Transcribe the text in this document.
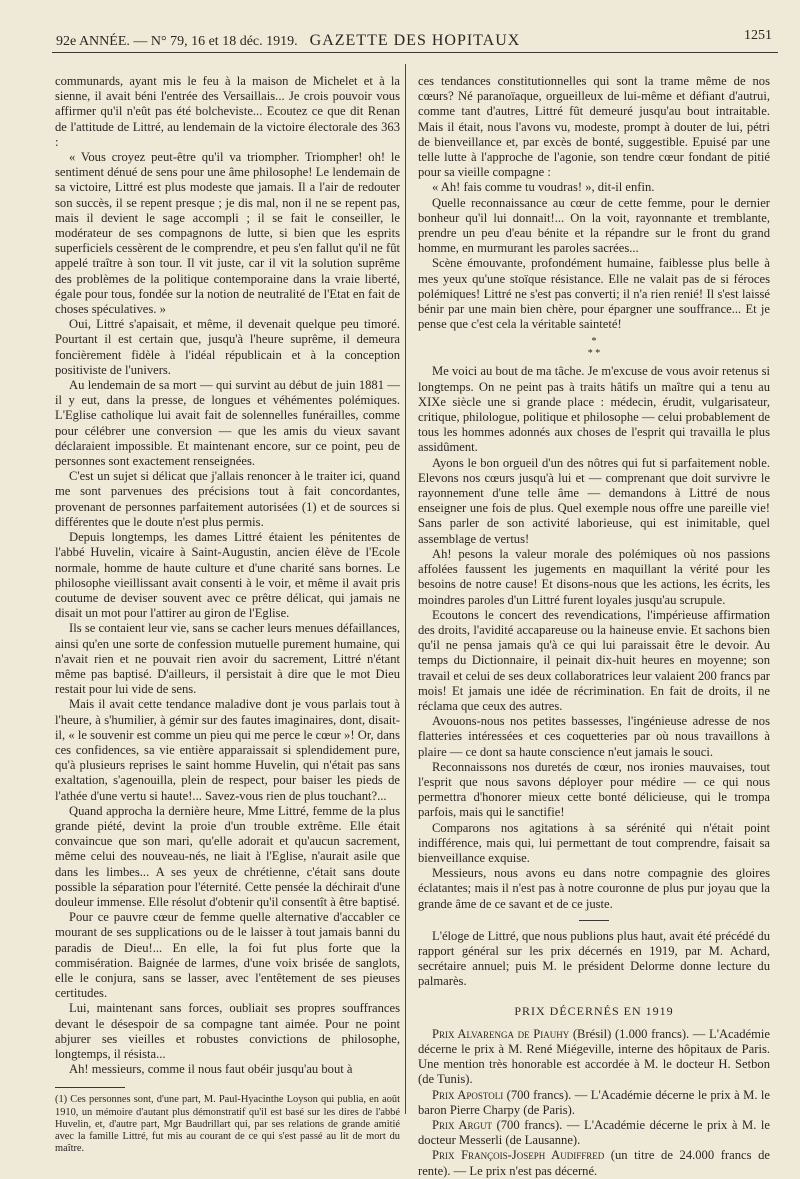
92e ANNÉE. — N° 79, 16 et 18 déc. 1919. GAZETTE DES HOPITAUX	1251

communards, ayant mis le feu à la maison de Michelet et à la sienne, il avait béni l'entrée des Versaillais... Je crois pouvoir vous affirmer qu'il n'eût pas été bolcheviste... Ecoutez ce que dit Renan de l'attitude de Littré, au lendemain de la victoire électorale des 363 :

« Vous croyez peut-être qu'il va triompher. Triompher! oh! le sentiment dénué de sens pour une âme philosophe! Le lendemain de sa victoire, Littré est plus modeste que jamais. Il a l'air de redouter son succès, il se repent presque ; je dis mal, non il ne se repent pas, mais il devient le sage accompli ; il se fait le conseiller, le modérateur de ses compagnons de lutte, si bien que les esprits superficiels cessèrent de le comprendre, et peu s'en fallut qu'il ne fût appelé traître à son tour. Il vit juste, car il vit la solution suprême des problèmes de la politique contemporaine dans la vraie liberté, égale pour tous, fondée sur la notion de neutralité de l'Etat en fait de choses spéculatives. »

Oui, Littré s'apaisait, et même, il devenait quelque peu timoré. Pourtant il est certain que, jusqu'à l'heure suprême, il demeura foncièrement fidèle à l'idéal républicain et à la conception positiviste de l'univers.

Au lendemain de sa mort — qui survint au début de juin 1881 — il y eut, dans la presse, de longues et véhémentes polémiques. L'Eglise catholique lui avait fait de solennelles funérailles, comme pour célébrer une conversion — que les amis du vieux savant déclaraient impossible. Et maintenant encore, sur ce point, peu de personnes sont exactement renseignées.

C'est un sujet si délicat que j'allais renoncer à le traiter ici, quand me sont parvenues des précisions tout à fait concordantes, provenant de personnes parfaitement autorisées (1) et de sources si différentes que le doute n'est plus permis.

Depuis longtemps, les dames Littré étaient les pénitentes de l'abbé Huvelin, vicaire à Saint-Augustin, ancien élève de l'Ecole normale, homme de haute culture et d'une charité sans bornes. Le philosophe vieillissant avait consenti à le voir, et même il avait pris coutume de deviser souvent avec ce prêtre délicat, qui jamais ne disait un mot pour l'attirer au giron de l'Eglise.

Ils se contaient leur vie, sans se cacher leurs menues défaillances, ainsi qu'en une sorte de confession mutuelle purement humaine, qui n'avait rien et ne pouvait rien avoir du sacrement, Littré n'étant même pas baptisé. D'ailleurs, il persistait à dire que le mot Dieu restait pour lui vide de sens.

Mais il avait cette tendance maladive dont je vous parlais tout à l'heure, à s'humilier, à gémir sur des fautes imaginaires, dont, disait-il, « le souvenir est comme un pieu qui me perce le cœur »! Or, dans ces confidences, sa vie entière apparaissait si splendidement pure, qu'à plusieurs reprises le saint homme Huvelin, qui n'était pas sans exaltation, s'agenouilla, plein de respect, pour baiser les pieds de l'athée d'une vertu si haute!... Savez-vous rien de plus touchant?...

Quand approcha la dernière heure, Mme Littré, femme de la plus grande piété, devint la proie d'un trouble extrême. Elle était convaincue que son mari, qu'elle adorait et qu'aucun sacrement, même celui des nouveau-nés, ne liait à l'Eglise, n'aurait asile que dans les limbes... A ses yeux de chrétienne, c'était sans doute possible la séparation pour l'éternité. Cette pensée la déchirait d'une douleur immense. Elle résolut d'obtenir qu'il consentît à être baptisé.

Pour ce pauvre cœur de femme quelle alternative d'accabler ce mourant de ses supplications ou de le laisser à tout jamais banni du paradis de Dieu!... En elle, la foi fut plus forte que la commisération. Baignée de larmes, d'une voix brisée de sanglots, elle le conjura, sans se lasser, avec l'entêtement de ses pieuses certitudes.

Lui, maintenant sans forces, oubliait ses propres souffrances devant le désespoir de sa compagne tant aimée. Pour ne point abjurer ses vieilles et robustes convictions de philosophe, longtemps, il résista...

Ah! messieurs, comme il nous faut obéir jusqu'au bout à

(1) Ces personnes sont, d'une part, M. Paul-Hyacinthe Loyson qui publia, en août 1910, un mémoire d'autant plus démonstratif qu'il est basé sur les dires de l'abbé Huvelin, et, d'autre part, Mgr Baudrillart qui, par ses relations de grande amitié avec la famille Littré, fut mis au courant de ce qui s'est passé au lit de mort du maître.

ces tendances constitutionnelles qui sont la trame même de nos cœurs? Né paranoïaque, orgueilleux de lui-même et défiant d'autrui, comme tant d'autres, Littré fût demeuré jusqu'au bout intraitable. Mais il était, nous l'avons vu, modeste, prompt à douter de lui, pétri de bienveillance et, par excès de bonté, suggestible. Epuisé par une telle lutte à l'approche de l'agonie, son tendre cœur fondant de pitié pour sa vieille compagne :

« Ah! fais comme tu voudras! », dit-il enfin.

Quelle reconnaissance au cœur de cette femme, pour le dernier bonheur qu'il lui donnait!... On la voit, rayonnante et tremblante, prendre un peu d'eau bénite et la répandre sur le front du grand homme, en murmurant les paroles sacrées...

Scène émouvante, profondément humaine, faiblesse plus belle à mes yeux qu'une stoïque résistance. Elle ne valait pas de si féroces polémiques! Littré ne s'est pas converti; il n'a rien renié! Il s'est laissé bénir par une main bien chère, pour épargner une souffrance... Et je pense que c'est cela la véritable sainteté!

*
* *

Me voici au bout de ma tâche. Je m'excuse de vous avoir retenus si longtemps. On ne peint pas à traits hâtifs un maître qui a tenu au XIXe siècle une si grande place : médecin, érudit, vulgarisateur, critique, philologue, politique et philosophe — celui probablement de tous les hommes adonnés aux choses de l'esprit qui travailla le plus assidûment.

Ayons le bon orgueil d'un des nôtres qui fut si parfaitement noble. Elevons nos cœurs jusqu'à lui et — comprenant que doit survivre le rayonnement d'une telle âme — demandons à Littré de nous enseigner une fois de plus. Quel exemple nous offre une pareille vie! Sans parler de son activité laborieuse, qui est inimitable, quel assemblage de vertus!

Ah! pesons la valeur morale des polémiques où nos passions affolées faussent les jugements en maquillant la vérité pour les besoins de notre cause! Et disons-nous que les actions, les écrits, les moindres paroles d'un Littré furent loyales jusqu'au scrupule.

Ecoutons le concert des revendications, l'impérieuse affirmation des droits, l'avidité accapareuse ou la haineuse envie. Et sachons bien qu'il ne pensa jamais qu'à ce qui lui paraissait être le devoir. Au temps du Dictionnaire, il peinait dix-huit heures en moyenne; son travail et celui de ses deux collaboratrices leur valaient 200 francs par mois! Et jamais une idée de récrimination. En fait de droits, il ne réclama que ceux des autres.

Avouons-nous nos petites bassesses, l'ingénieuse adresse de nos flatteries intéressées et ces coquetteries par où nous travaillons à plaire — ce dont sa haute conscience n'eut jamais le souci.

Reconnaissons nos duretés de cœur, nos ironies mauvaises, tout l'esprit que nous savons déployer pour médire — ce qui nous permettra d'honorer mieux cette bonté délicieuse, qui le trompa parfois, mais qui le sanctifie!

Comparons nos agitations à sa sérénité qui n'était point indifférence, mais qui, lui permettant de tout comprendre, faisait sa bienveillance exquise.

Messieurs, nous avons eu dans notre compagnie des gloires éclatantes; mais il n'est pas à notre couronne de plus pur joyau que la grande âme de ce savant et de ce juste.

L'éloge de Littré, que nous publions plus haut, avait été précédé du rapport général sur les prix décernés en 1919, par M. Achard, secrétaire annuel; puis M. le président Delorme donne lecture du palmarès.

PRIX DÉCERNÉS EN 1919

Prix Alvarenga de Piauhy (Brésil) (1.000 francs). — L'Académie décerne le prix à M. René Miégeville, interne des hôpitaux de Paris. Une mention très honorable est accordée à M. le docteur H. Setbon (de Tunis).

Prix Apostoli (700 francs). — L'Académie décerne le prix à M. le baron Pierre Charpy (de Paris).

Prix Argut (700 francs). — L'Académie décerne le prix à M. le docteur Messerli (de Lausanne).

Prix François-Joseph Audiffred (un titre de 24.000 francs de rente). — Le prix n'est pas décerné.
